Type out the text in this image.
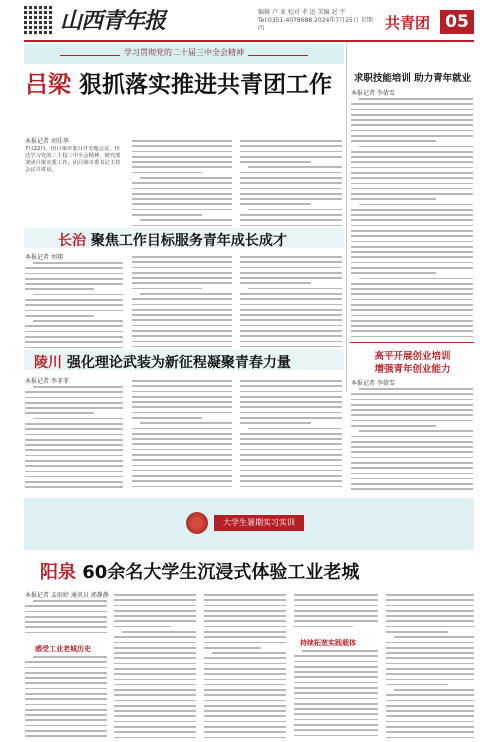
山西青年报	编辑 卢 亚 校对 孝 迅 美编 赵 宇
Tel:0351-4078688 2024年7月25日 星期四	共青团 05
学习贯彻党的二十届三中全会精神
吕梁 狠抓落实推进共青团工作
本报记者 刘佳华
7月22日，团吕梁市委召开专题会议，传达学习党的二十届三中全会精神，研究部署团吕梁市委工作。团吕梁市委书记主持会议并讲话。
长治 聚焦工作目标服务青年成长成才
本报记者 刘翔
陵川 强化理论武装为新征程凝聚青春力量
本报记者 李菲菲
求职技能培训 助力青年就业
本报记者 李倩雪
高平开展创业培训
增强青年创业能力
本报记者 李倩雪
大学生暑期实习实训
阳泉 60余名大学生沉浸式体验工业老城
本报记者 孟雨婷 通讯员 郭静静
感受工业老城历史
持续拓宽实践载体
